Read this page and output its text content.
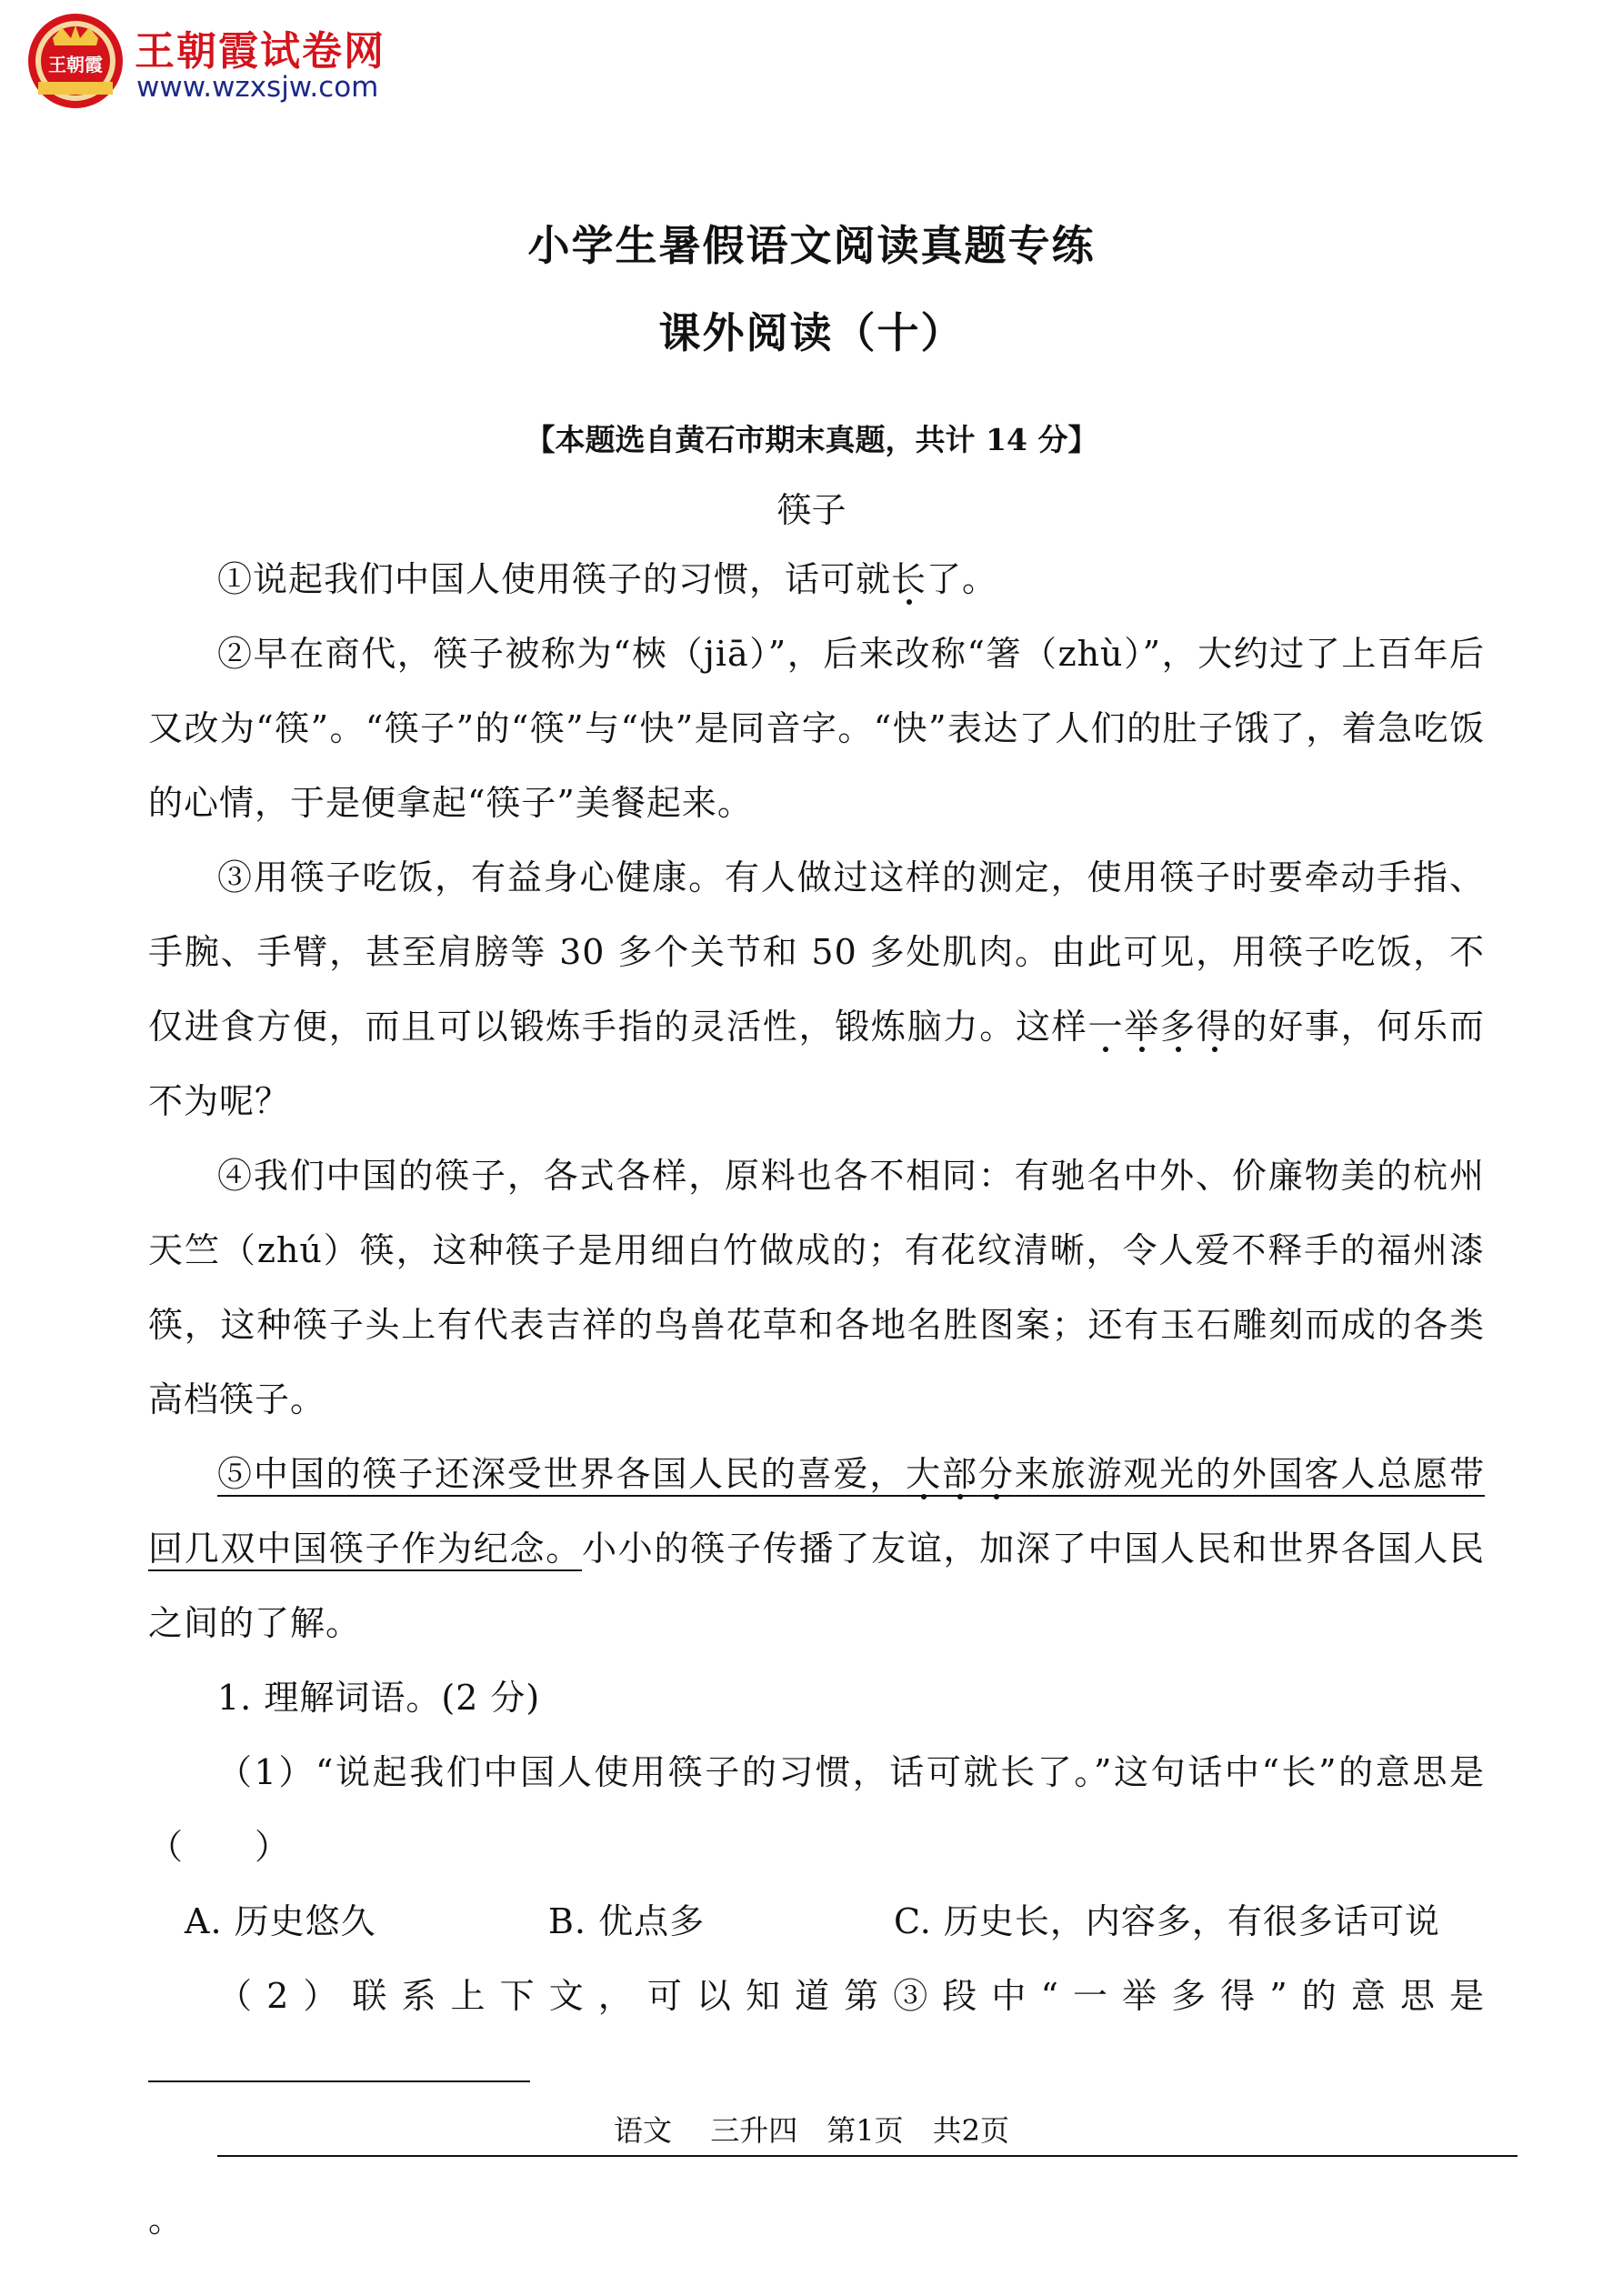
王朝霞 王朝霞试卷网
www.wzxsjw.com
小学生暑假语文阅读真题专练
课外阅读（十）
【本题选自黄石市期末真题，共计 14 分】
筷子

①说起我们中国人使用筷子的习惯，话可就长了。

②早在商代，筷子被称为“梜（jiā）”，后来改称“箸（zhù）”，大约过了上百年后又改为“筷”。“筷子”的“筷”与“快”是同音字。“快”表达了人们的肚子饿了，着急吃饭的心情，于是便拿起“筷子”美餐起来。

③用筷子吃饭，有益身心健康。有人做过这样的测定，使用筷子时要牵动手指、手腕、手臂，甚至肩膀等 30 多个关节和 50 多处肌肉。由此可见，用筷子吃饭，不仅进食方便，而且可以锻炼手指的灵活性，锻炼脑力。这样一举多得的好事，何乐而不为呢？

④我们中国的筷子，各式各样，原料也各不相同：有驰名中外、价廉物美的杭州天竺（zhú）筷，这种筷子是用细白竹做成的；有花纹清晰，令人爱不释手的福州漆筷，这种筷子头上有代表吉祥的鸟兽花草和各地名胜图案；还有玉石雕刻而成的各类高档筷子。

⑤中国的筷子还深受世界各国人民的喜爱，大部分来旅游观光的外国客人总愿带回几双中国筷子作为纪念。小小的筷子传播了友谊，加深了中国人民和世界各国人民之间的了解。

1. 理解词语。(2 分)

（1）“说起我们中国人使用筷子的习惯，话可就长了。”这句话中“长”的意思是（　　）

A. 历史悠久	B. 优点多	C. 历史长，内容多，有很多话可说

（2）联系上下文，可以知道第③段中“一举多得”的意思是

。

语文　 三升四　第1页　共2页
